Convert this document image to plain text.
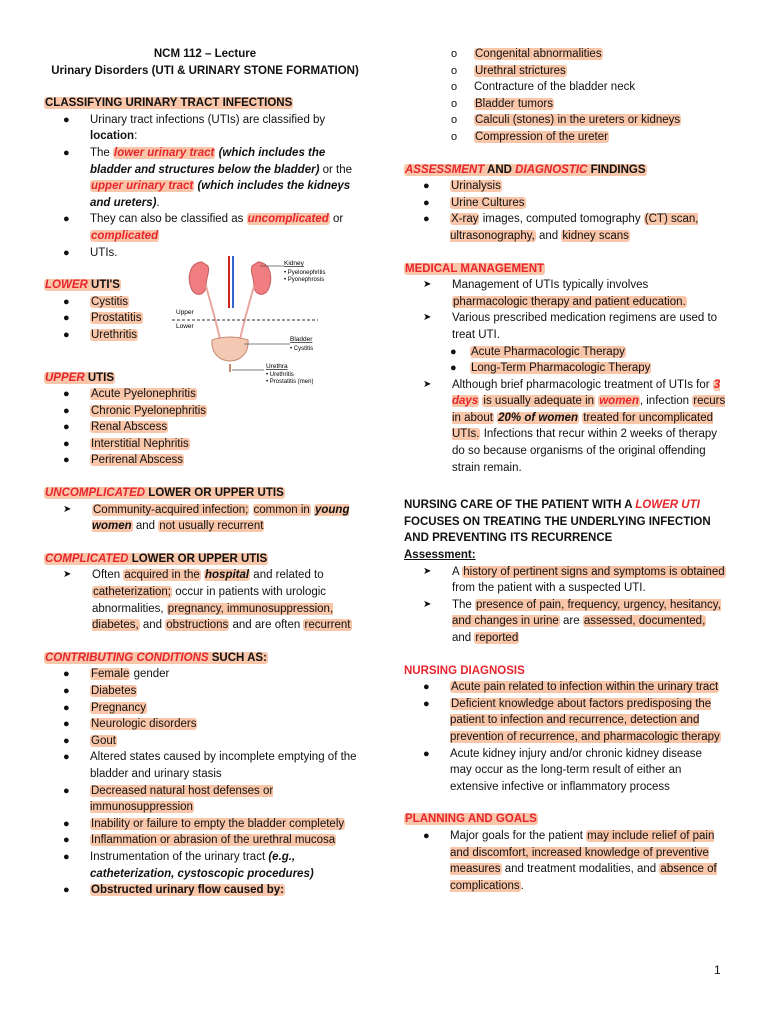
NCM 112 – Lecture
Urinary Disorders (UTI & URINARY STONE FORMATION)
CLASSIFYING URINARY TRACT INFECTIONS
● Urinary tract infections (UTIs) are classified by location:
● The lower urinary tract (which includes the bladder and structures below the bladder) or the upper urinary tract (which includes the kidneys and ureters).
● They can also be classified as uncomplicated or complicated
● UTIs.
LOWER UTI'S
● Cystitis
● Prostatitis
● Urethritis
UPPER UTIS
● Acute Pyelonephritis
● Chronic Pyelonephritis
● Renal Abscess
● Interstitial Nephritis
● Perirenal Abscess
UNCOMPLICATED LOWER OR UPPER UTIS
➤ Community-acquired infection; common in young women and not usually recurrent
COMPLICATED LOWER OR UPPER UTIS
➤ Often acquired in the hospital and related to catheterization; occur in patients with urologic abnormalities, pregnancy, immunosuppression, diabetes, and obstructions and are often recurrent
CONTRIBUTING CONDITIONS SUCH AS:
● Female gender
● Diabetes
● Pregnancy
● Neurologic disorders
● Gout
● Altered states caused by incomplete emptying of the bladder and urinary stasis
● Decreased natural host defenses or immunosuppression
● Inability or failure to empty the bladder completely
● Inflammation or abrasion of the urethral mucosa
● Instrumentation of the urinary tract (e.g., catheterization, cystoscopic procedures)
● Obstructed urinary flow caused by:
Kidney
• Pyelonephritis
• Pyonephrosis
Upper
Lower
Bladder
• Cystitis
Urethra
• Urethritis
• Prostatitis (men)
o Congenital abnormalities
o Urethral strictures
o Contracture of the bladder neck
o Bladder tumors
o Calculi (stones) in the ureters or kidneys
o Compression of the ureter
ASSESSMENT AND DIAGNOSTIC FINDINGS
● Urinalysis
● Urine Cultures
● X-ray images, computed tomography (CT) scan, ultrasonography, and kidney scans
MEDICAL MANAGEMENT
➤ Management of UTIs typically involves pharmacologic therapy and patient education.
➤ Various prescribed medication regimens are used to treat UTI.
● Acute Pharmacologic Therapy
● Long-Term Pharmacologic Therapy
➤ Although brief pharmacologic treatment of UTIs for 3 days is usually adequate in women, infection recurs in about 20% of women treated for uncomplicated UTIs. Infections that recur within 2 weeks of therapy do so because organisms of the original offending strain remain.
NURSING CARE OF THE PATIENT WITH A LOWER UTI FOCUSES ON TREATING THE UNDERLYING INFECTION AND PREVENTING ITS RECURRENCE
Assessment:
➤ A history of pertinent signs and symptoms is obtained from the patient with a suspected UTI.
➤ The presence of pain, frequency, urgency, hesitancy, and changes in urine are assessed, documented, and reported
NURSING DIAGNOSIS
● Acute pain related to infection within the urinary tract
● Deficient knowledge about factors predisposing the patient to infection and recurrence, detection and prevention of recurrence, and pharmacologic therapy
● Acute kidney injury and/or chronic kidney disease may occur as the long-term result of either an extensive infective or inflammatory process
PLANNING AND GOALS
● Major goals for the patient may include relief of pain and discomfort, increased knowledge of preventive measures and treatment modalities, and absence of complications.
1
